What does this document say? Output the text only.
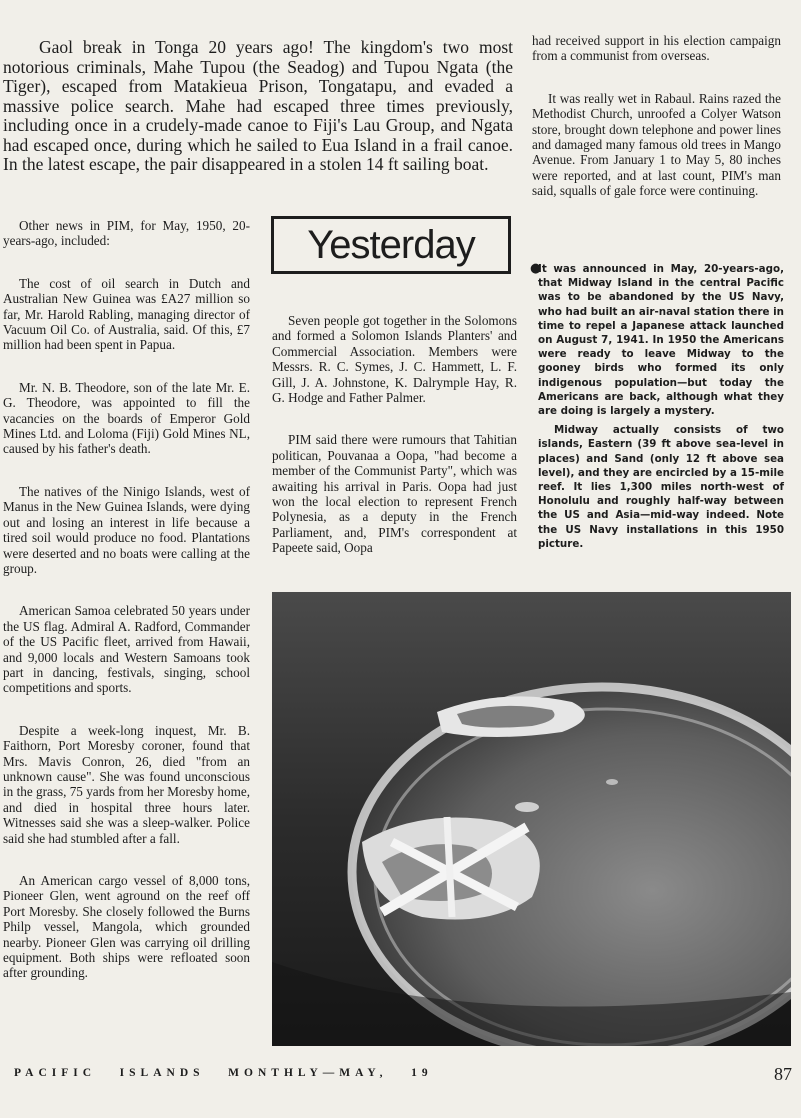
Gaol break in Tonga 20 years ago! The kingdom's two most notorious criminals, Mahe Tupou (the Seadog) and Tupou Ngata (the Tiger), escaped from Matakieua Prison, Tongatapu, and evaded a massive police search. Mahe had escaped three times previously, including once in a crudely-made canoe to Fiji's Lau Group, and Ngata had escaped once, during which he sailed to Eua Island in a frail canoe. In the latest escape, the pair disappeared in a stolen 14 ft sailing boat.

Yesterday

Other news in PIM, for May, 1950, 20-years-ago, included:

The cost of oil search in Dutch and Australian New Guinea was £A27 million so far, Mr. Harold Rabling, managing director of Vacuum Oil Co. of Australia, said. Of this, £7 million had been spent in Papua.

Mr. N. B. Theodore, son of the late Mr. E. G. Theodore, was appointed to fill the vacancies on the boards of Emperor Gold Mines Ltd. and Loloma (Fiji) Gold Mines NL, caused by his father's death.

The natives of the Ninigo Islands, west of Manus in the New Guinea Islands, were dying out and losing an interest in life because a tired soil would produce no food. Plantations were deserted and no boats were calling at the group.

American Samoa celebrated 50 years under the US flag. Admiral A. Radford, Commander of the US Pacific fleet, arrived from Hawaii, and 9,000 locals and Western Samoans took part in dancing, festivals, singing, school competitions and sports.

Despite a week-long inquest, Mr. B. Faithorn, Port Moresby coroner, found that Mrs. Mavis Conron, 26, died "from an unknown cause". She was found unconscious in the grass, 75 yards from her Moresby home, and died in hospital three hours later. Witnesses said she was a sleep-walker. Police said she had stumbled after a fall.

An American cargo vessel of 8,000 tons, Pioneer Glen, went aground on the reef off Port Moresby. She closely followed the Burns Philp vessel, Mangola, which grounded nearby. Pioneer Glen was carrying oil drilling equipment. Both ships were refloated soon after grounding.

Seven people got together in the Solomons and formed a Solomon Islands Planters' and Commercial Association. Members were Messrs. R. C. Symes, J. C. Hammett, L. F. Gill, J. A. Johnstone, K. Dalrymple Hay, R. G. Hodge and Father Palmer.

PIM said there were rumours that Tahitian politican, Pouvanaa a Oopa, "had become a member of the Communist Party", which was awaiting his arrival in Paris. Oopa had just won the local election to represent French Polynesia, as a deputy in the French Parliament, and, PIM's correspondent at Papeete said, Oopa

had received support in his election campaign from a communist from overseas.

It was really wet in Rabaul. Rains razed the Methodist Church, unroofed a Colyer Watson store, brought down telephone and power lines and damaged many famous old trees in Mango Avenue. From January 1 to May 5, 80 inches were reported, and at last count, PIM's man said, squalls of gale force were continuing.

●

It was announced in May, 20-years-ago, that Midway Island in the central Pacific was to be abandoned by the US Navy, who had built an air-naval station there in time to repel a Japanese attack launched on August 7, 1941. In 1950 the Americans were ready to leave Midway to the gooney birds who formed its only indigenous population—but today the Americans are back, although what they are doing is largely a mystery.

Midway actually consists of two islands, Eastern (39 ft above sea-level in places) and Sand (only 12 ft above sea level), and they are encircled by a 15-mile reef. It lies 1,300 miles north-west of Honolulu and roughly half-way between the US and Asia—mid-way indeed. Note the US Navy installations in this 1950 picture.

PACIFIC   ISLANDS   MONTHLY—MAY,   19	87
